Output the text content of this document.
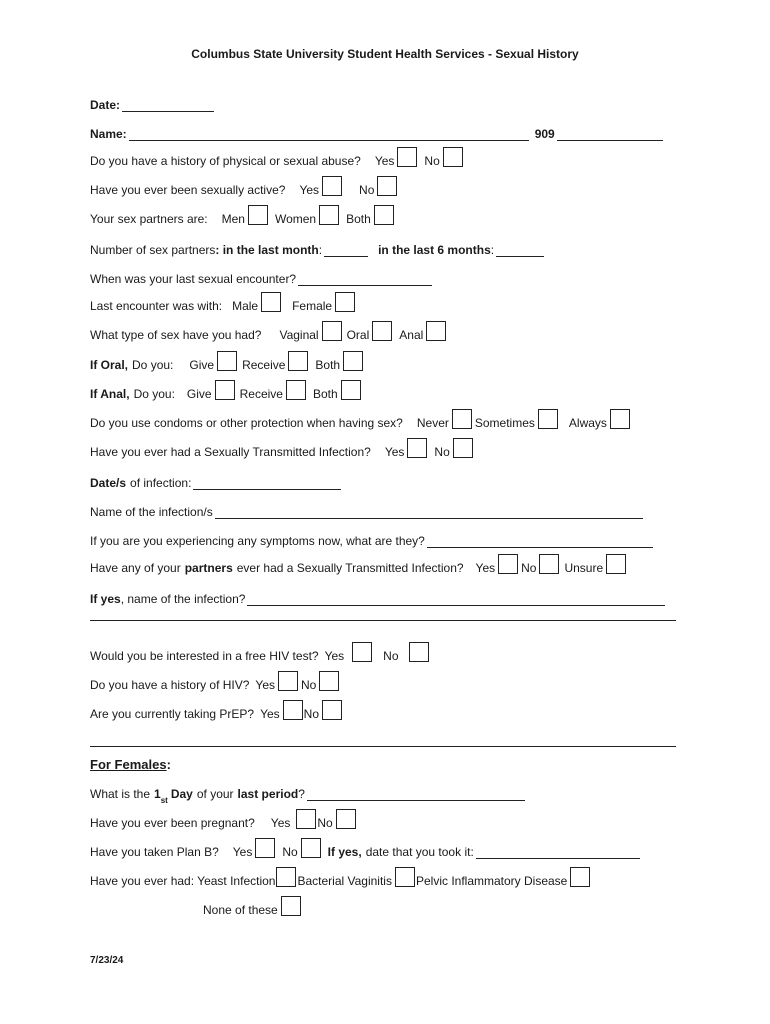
Columbus State University Student Health Services - Sexual History
Date:
Name:	909
Do you have a history of physical or sexual abuse? Yes	No
Have you ever been sexually active? Yes	No
Your sex partners are: Men	Women	Both
Number of sex partners : in the last month :	in the last 6 months :
When was your last sexual encounter?
Last encounter was with: Male	Female
What type of sex have you had? Vaginal Oral	Anal
If Oral, Do you: Give Receive	Both
If Anal, Do you: Give Receive	Both
Do you use condoms or other protection when having sex? Never Sometimes	Always
Have you ever had a Sexually Transmitted Infection? Yes	No
Date/s of infection:
Name of the infection/s
If you are you experiencing any symptoms now, what are they?
Have any of your partners ever had a Sexually Transmitted Infection? Yes No Unsure
If yes , name of the infection?
Would you be interested in a free HIV test? Yes	No
Do you have a history of HIV? Yes No
Are you currently taking PrEP? Yes No
For Females :
What is the 1 st Day of your last period ?
Have you ever been pregnant? Yes No
Have you taken Plan B? Yes	No	If yes, date that you took it:
Have you ever had: Yeast Infection Bacterial Vaginitis Pelvic Inflammatory Disease
None of these
7/23/24
